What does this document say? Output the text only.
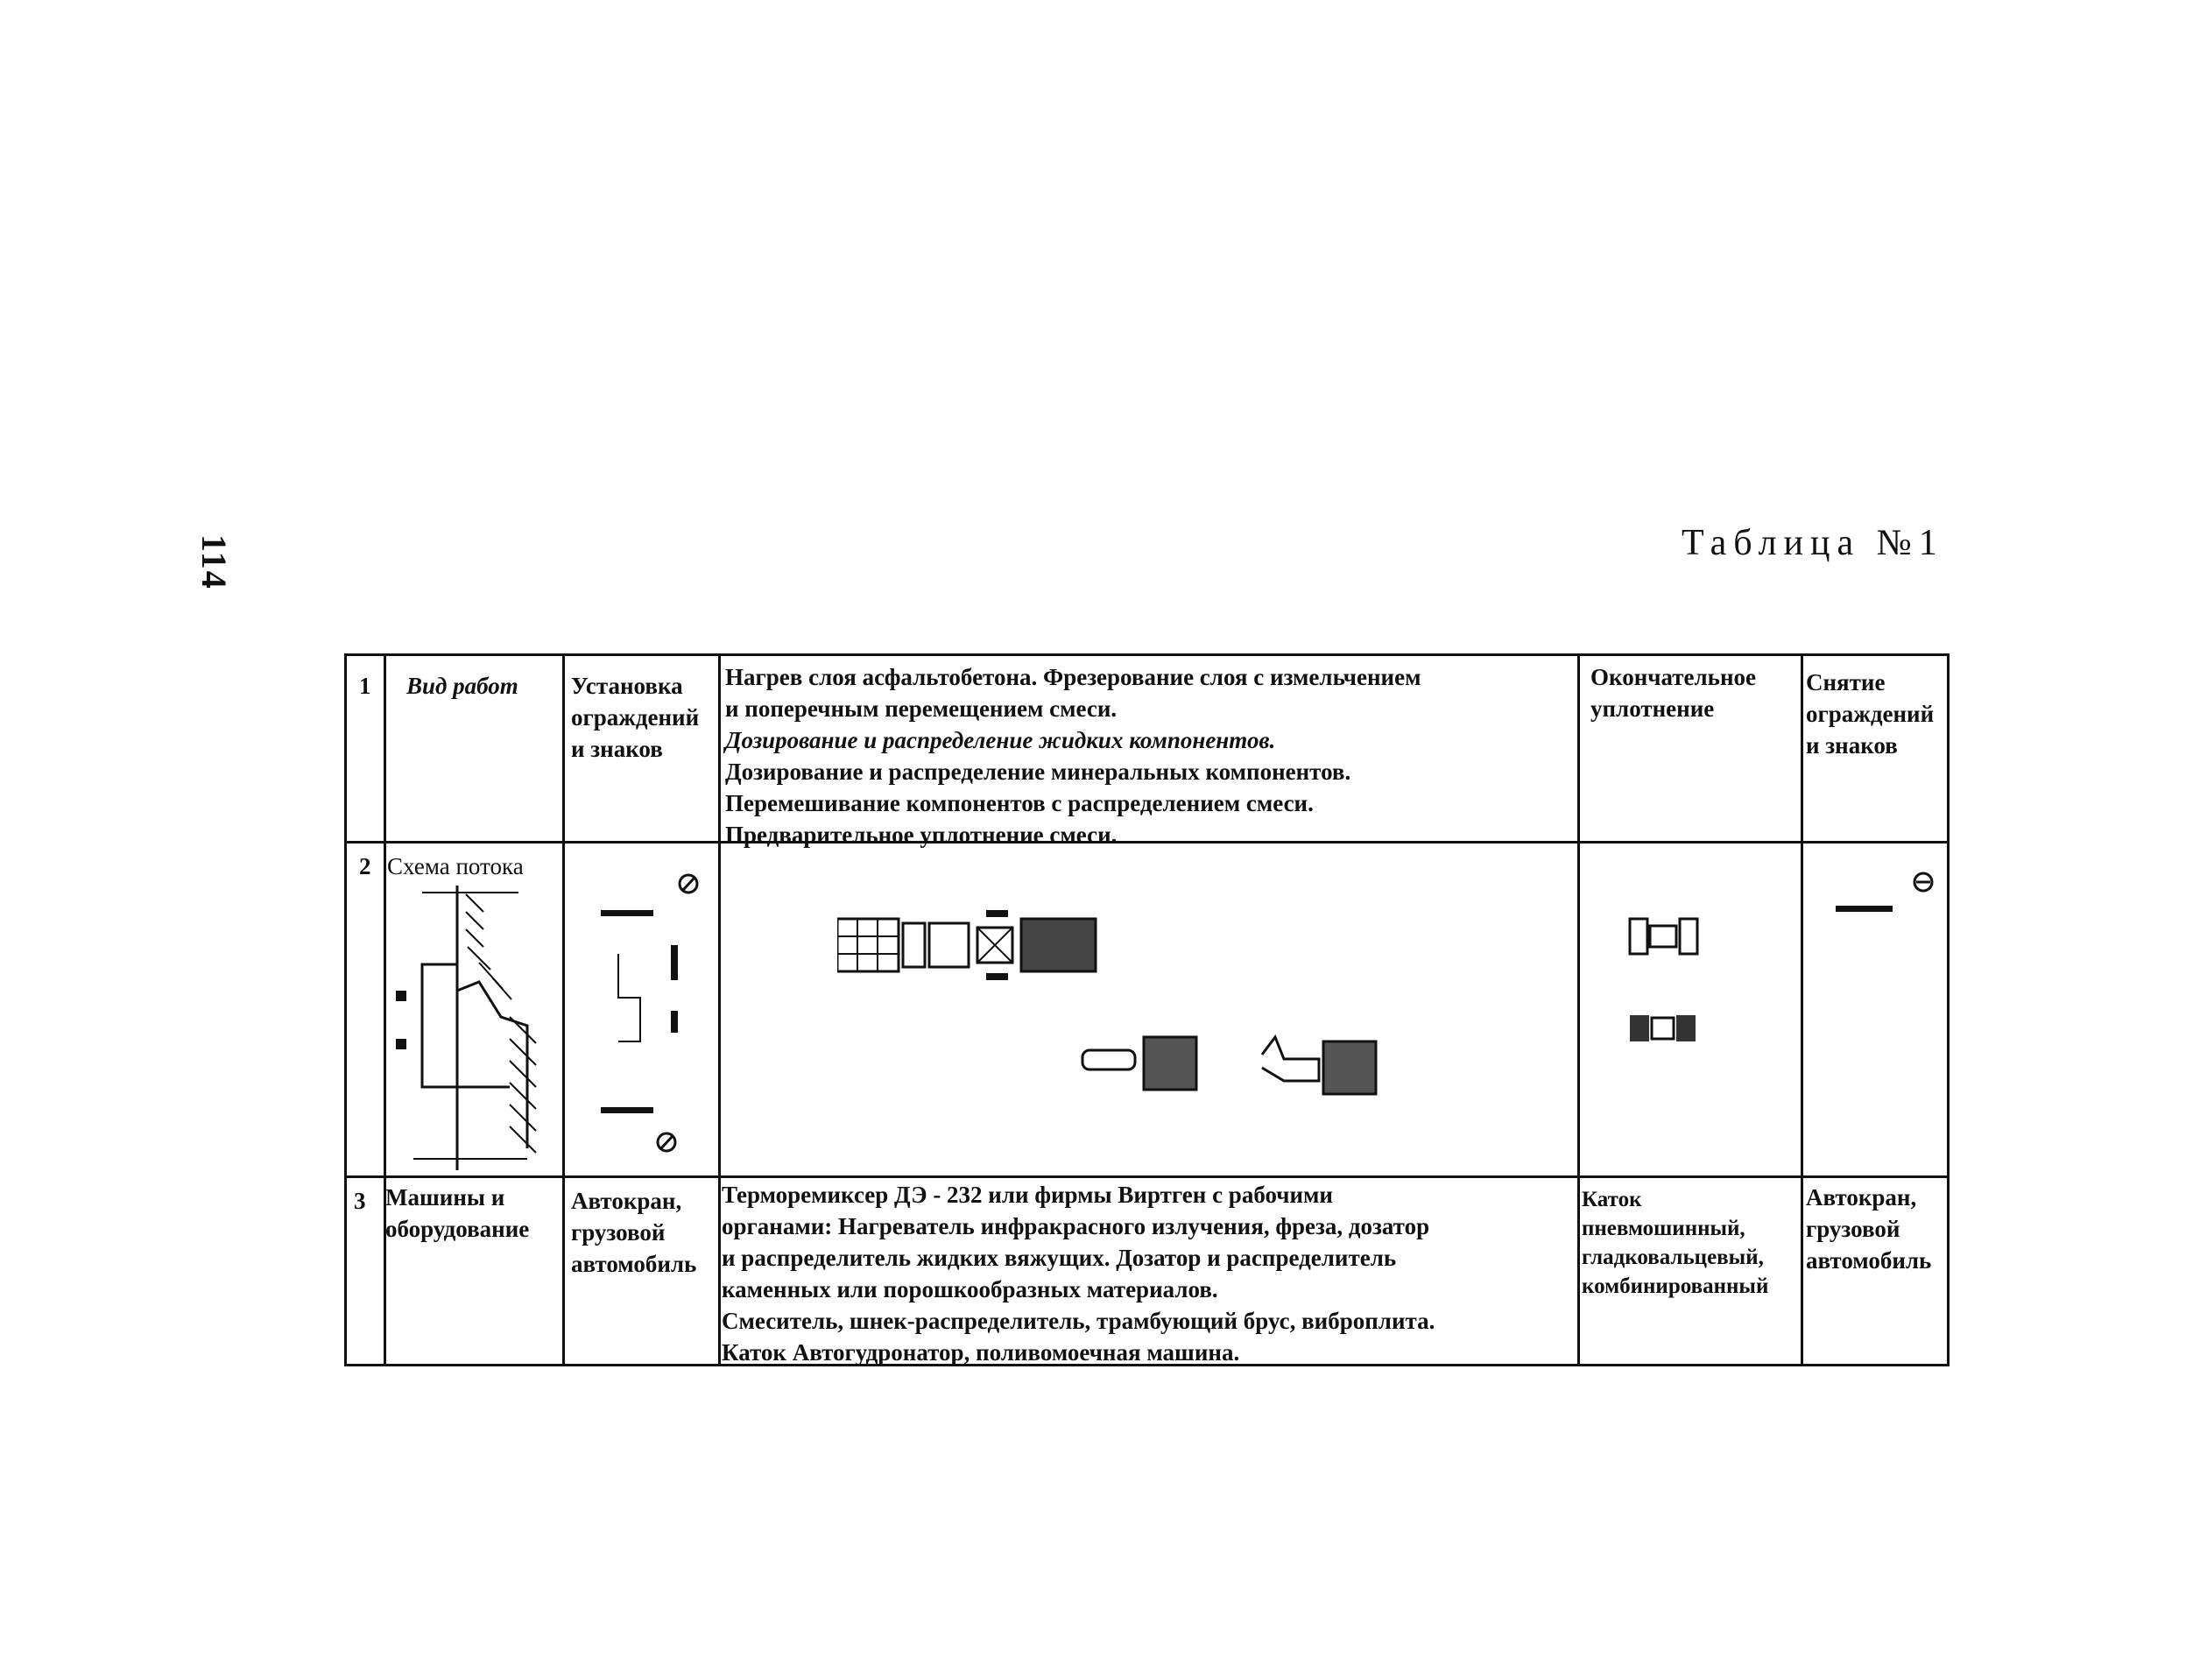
114	Таблица №1
1 Вид работ Установка
ограждений
и знаков
Нагрев слоя асфальтобетона. Фрезерование слоя с измельчением
и поперечным перемещением смеси.
Дозирование и распределение жидких компонентов.
Дозирование и распределение минеральных компонентов.
Перемешивание компонентов с распределением смеси.
Предварительное уплотнение смеси.
Окончательное
уплотнение
Снятие
ограждений
и знаков
2 Схема потока
3 Машины и
оборудование
Автокран,
грузовой
автомобиль
Терморемиксер ДЭ - 232 или фирмы Виртген с рабочими
органами: Нагреватель инфракрасного излучения, фреза, дозатор
и распределитель жидких вяжущих. Дозатор и распределитель
каменных или порошкообразных материалов.
Смеситель, шнек-распределитель, трамбующий брус, виброплита.
Каток Автогудронатор, поливомоечная машина.
Каток
пневмошинный,
гладковальцевый,
комбинированный
Автокран,
грузовой
автомобиль
